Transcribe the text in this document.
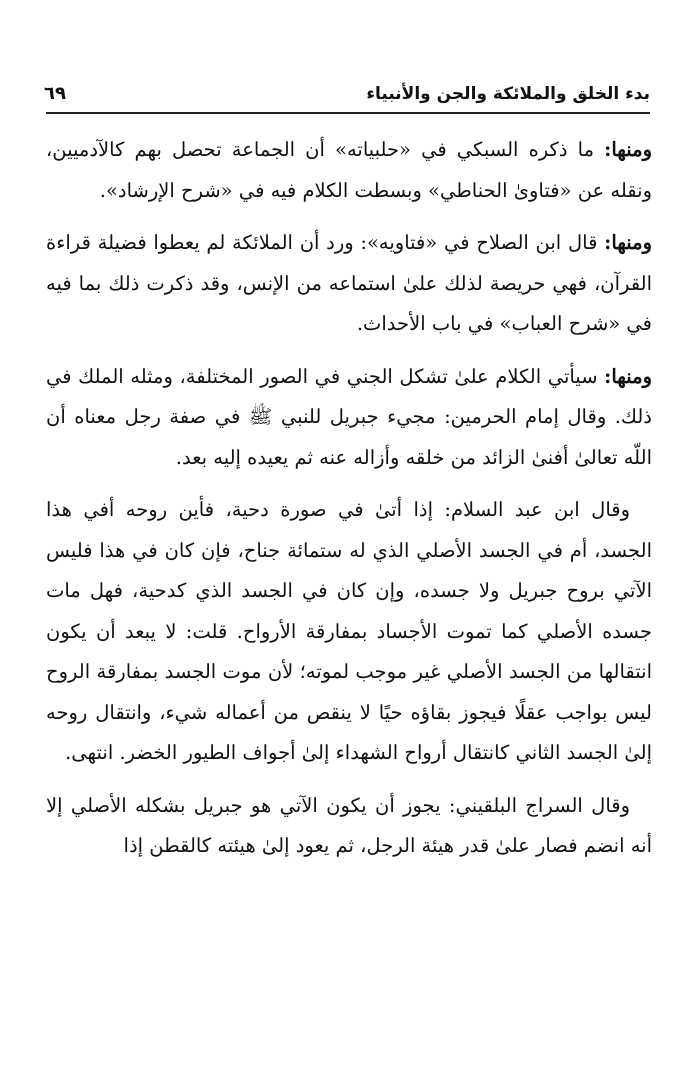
بدء الخلق والملائكة والجن والأنبياء
٦٩

ومنها: ما ذكره السبكي في «حلبياته» أن الجماعة تحصل بهم كالآدميين، ونقله عن «فتاوىٰ الحناطي» وبسطت الكلام فيه في «شرح الإرشاد».

ومنها: قال ابن الصلاح في «فتاويه»: ورد أن الملائكة لم يعطوا فضيلة قراءة القرآن، فهي حريصة لذلك علىٰ استماعه من الإنس، وقد ذكرت ذلك بما فيه في «شرح العباب» في باب الأحداث.

ومنها: سيأتي الكلام علىٰ تشكل الجني في الصور المختلفة، ومثله الملك في ذلك. وقال إمام الحرمين: مجيء جبريل للنبي ﷺ في صفة رجل معناه أن اللّه تعالىٰ أفنىٰ الزائد من خلقه وأزاله عنه ثم يعيده إليه بعد.

وقال ابن عبد السلام: إذا أتىٰ في صورة دحية، فأين روحه أفي هذا الجسد، أم في الجسد الأصلي الذي له ستمائة جناح، فإن كان في هذا فليس الآتي بروح جبريل ولا جسده، وإن كان في الجسد الذي كدحية، فهل مات جسده الأصلي كما تموت الأجساد بمفارقة الأرواح. قلت: لا يبعد أن يكون انتقالها من الجسد الأصلي غير موجب لموته؛ لأن موت الجسد بمفارقة الروح ليس بواجب عقلًا فيجوز بقاؤه حيًا لا ينقص من أعماله شيء، وانتقال روحه إلىٰ الجسد الثاني كانتقال أرواح الشهداء إلىٰ أجواف الطيور الخضر. انتهى.

وقال السراج البلقيني: يجوز أن يكون الآتي هو جبريل بشكله الأصلي إلا أنه انضم فصار علىٰ قدر هيئة الرجل، ثم يعود إلىٰ هيئته كالقطن إذا
